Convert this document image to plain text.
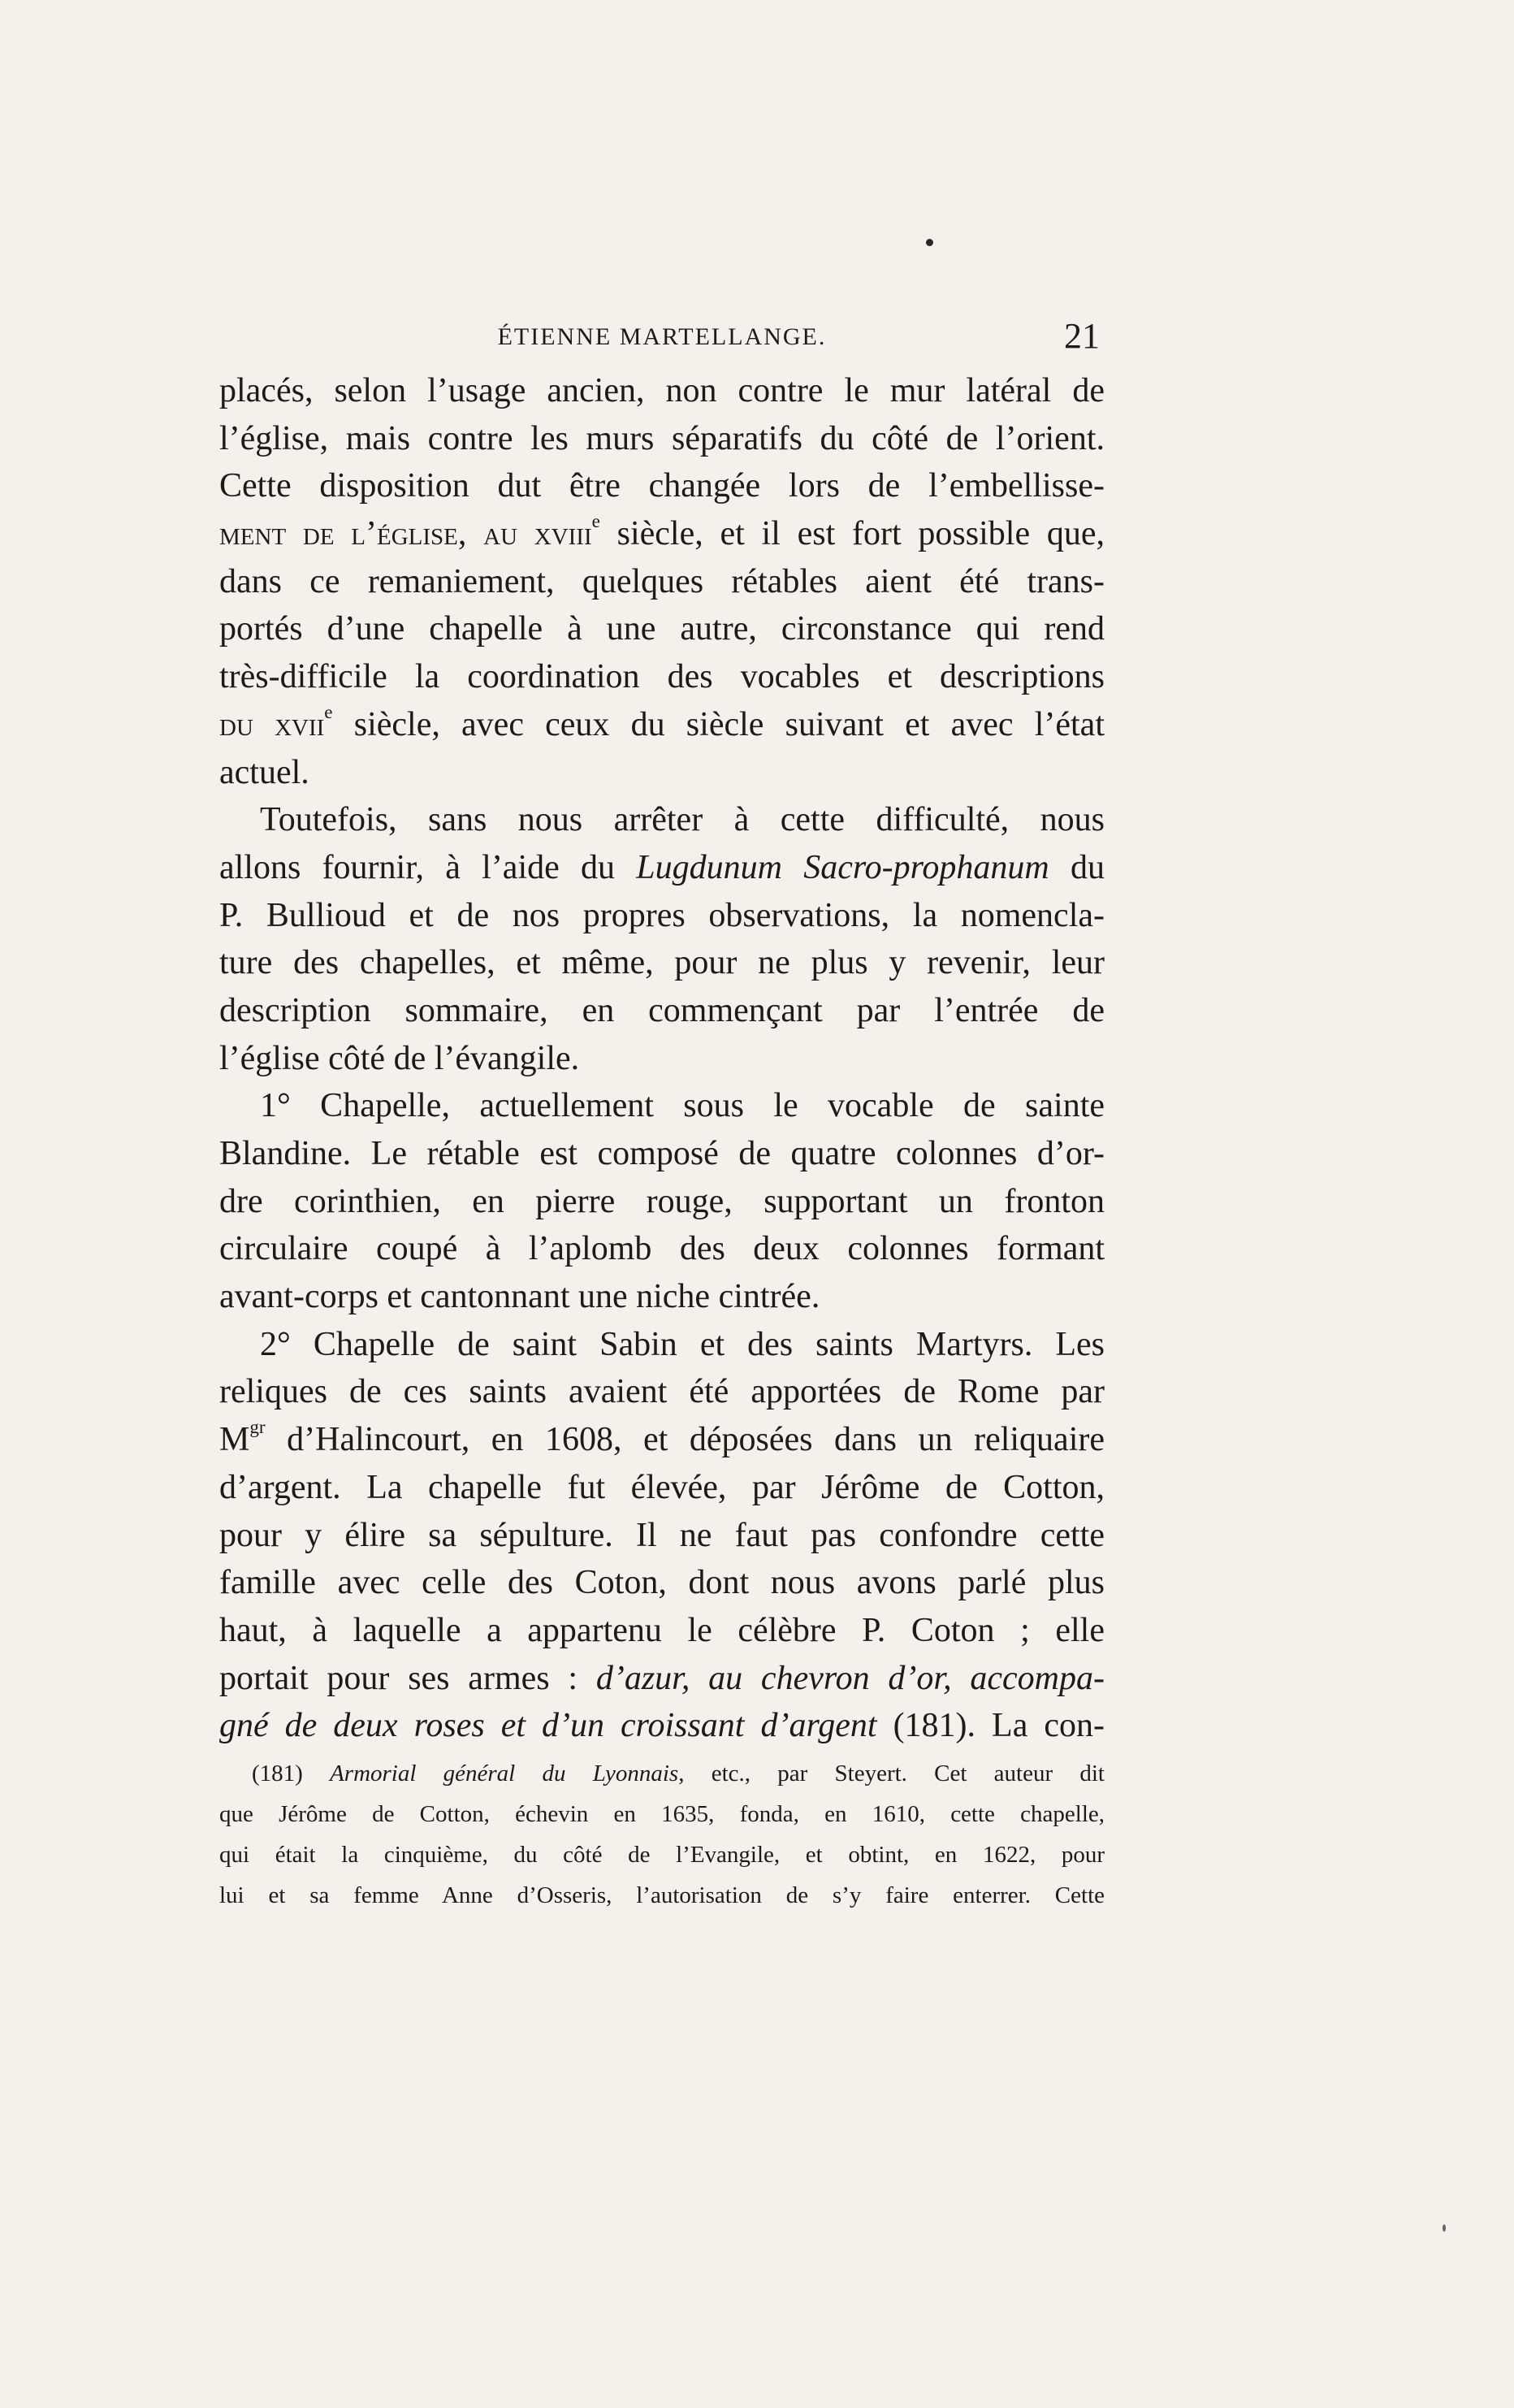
ÉTIENNE MARTELLANGE.	21
placés, selon l’usage ancien, non contre le mur latéral de
l’église, mais contre les murs séparatifs du côté de l’orient.
Cette disposition dut être changée lors de l’embellisse-
ment de l’église, au xviii$^e$ siècle, et il est fort possible que,
dans ce remaniement, quelques rétables aient été trans-
portés d’une chapelle à une autre, circonstance qui rend
très-difficile la coordination des vocables et descriptions
du xvii$^e$ siècle, avec ceux du siècle suivant et avec l’état
actuel.
Toutefois, sans nous arrêter à cette difficulté, nous
allons fournir, à l’aide du Lugdunum Sacro-prophanum du
P. Bullioud et de nos propres observations, la nomencla-
ture des chapelles, et même, pour ne plus y revenir, leur
description sommaire, en commençant par l’entrée de
l’église côté de l’évangile.
1° Chapelle, actuellement sous le vocable de sainte
Blandine. Le rétable est composé de quatre colonnes d’or-
dre corinthien, en pierre rouge, supportant un fronton
circulaire coupé à l’aplomb des deux colonnes formant
avant-corps et cantonnant une niche cintrée.
2° Chapelle de saint Sabin et des saints Martyrs. Les
reliques de ces saints avaient été apportées de Rome par
$M^{gr}$ d’Halincourt, en 1608, et déposées dans un reliquaire
d’argent. La chapelle fut élevée, par Jérôme de Cotton,
pour y élire sa sépulture. Il ne faut pas confondre cette
famille avec celle des Coton, dont nous avons parlé plus
haut, à laquelle a appartenu le célèbre P. Coton ; elle
portait pour ses armes : d’azur, au chevron d’or, accompa-
gné de deux roses et d’un croissant d’argent (181). La con-
(181) Armorial général du Lyonnais, etc., par Steyert. Cet auteur dit
que Jérôme de Cotton, échevin en 1635, fonda, en 1610, cette chapelle,
qui était la cinquième, du côté de l’Evangile, et obtint, en 1622, pour
lui et sa femme Anne d’Osseris, l’autorisation de s’y faire enterrer. Cette
